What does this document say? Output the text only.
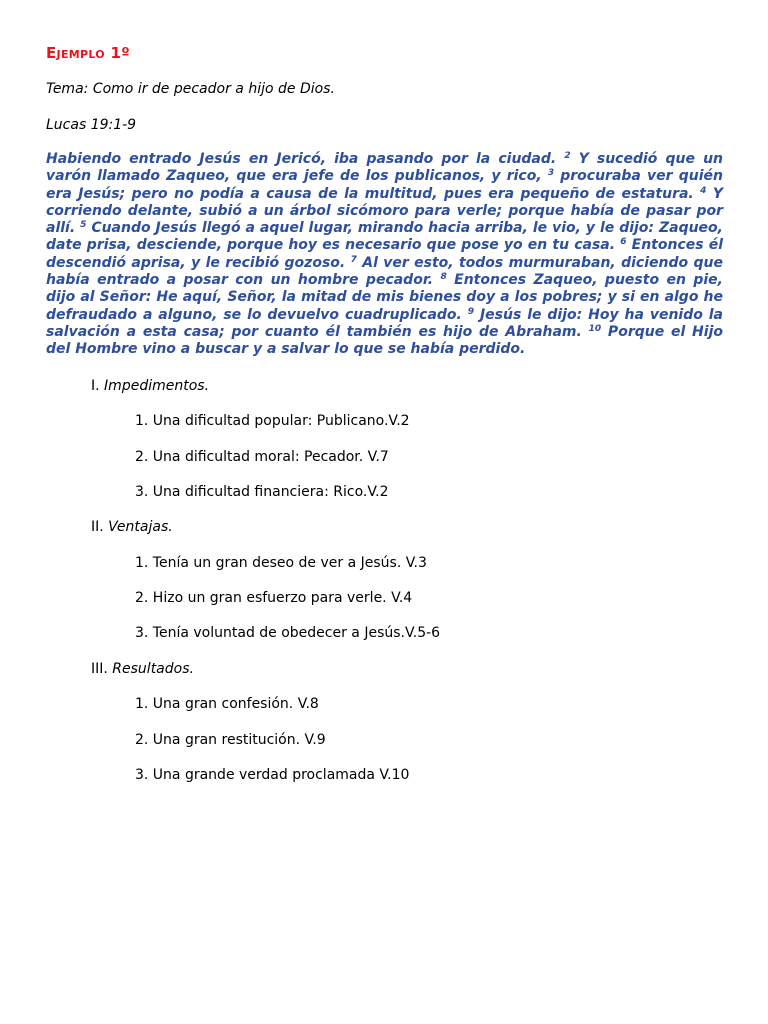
Ejemplo 1º
Tema: Como ir de pecador a hijo de Dios.
Lucas 19:1-9

Habiendo entrado Jesús en Jericó, iba pasando por la ciudad. $^2$ Y sucedió que un varón llamado Zaqueo, que era jefe de los publicanos, y rico, $^3$ procuraba ver quién era Jesús; pero no podía a causa de la multitud, pues era pequeño de estatura. $^4$ Y corriendo delante, subió a un árbol sicómoro para verle; porque había de pasar por allí. $^5$ Cuando Jesús llegó a aquel lugar, mirando hacia arriba, le vio, y le dijo: Zaqueo, date prisa, desciende, porque hoy es necesario que pose yo en tu casa. $^6$ Entonces él descendió aprisa, y le recibió gozoso. $^7$ Al ver esto, todos murmuraban, diciendo que había entrado a posar con un hombre pecador. $^8$ Entonces Zaqueo, puesto en pie, dijo al Señor: He aquí, Señor, la mitad de mis bienes doy a los pobres; y si en algo he defraudado a alguno, se lo devuelvo cuadruplicado. $^9$ Jesús le dijo: Hoy ha venido la salvación a esta casa; por cuanto él también es hijo de Abraham. $^{10}$ Porque el Hijo del Hombre vino a buscar y a salvar lo que se había perdido.

I. Impedimentos.
1. Una dificultad popular: Publicano.V.2
2. Una dificultad moral: Pecador. V.7
3. Una dificultad financiera: Rico.V.2
II. Ventajas.
1. Tenía un gran deseo de ver a Jesús. V.3
2. Hizo un gran esfuerzo para verle. V.4
3. Tenía voluntad de obedecer a Jesús.V.5-6
III. Resultados.
1. Una gran confesión. V.8
2. Una gran restitución. V.9
3. Una grande verdad proclamada V.10
